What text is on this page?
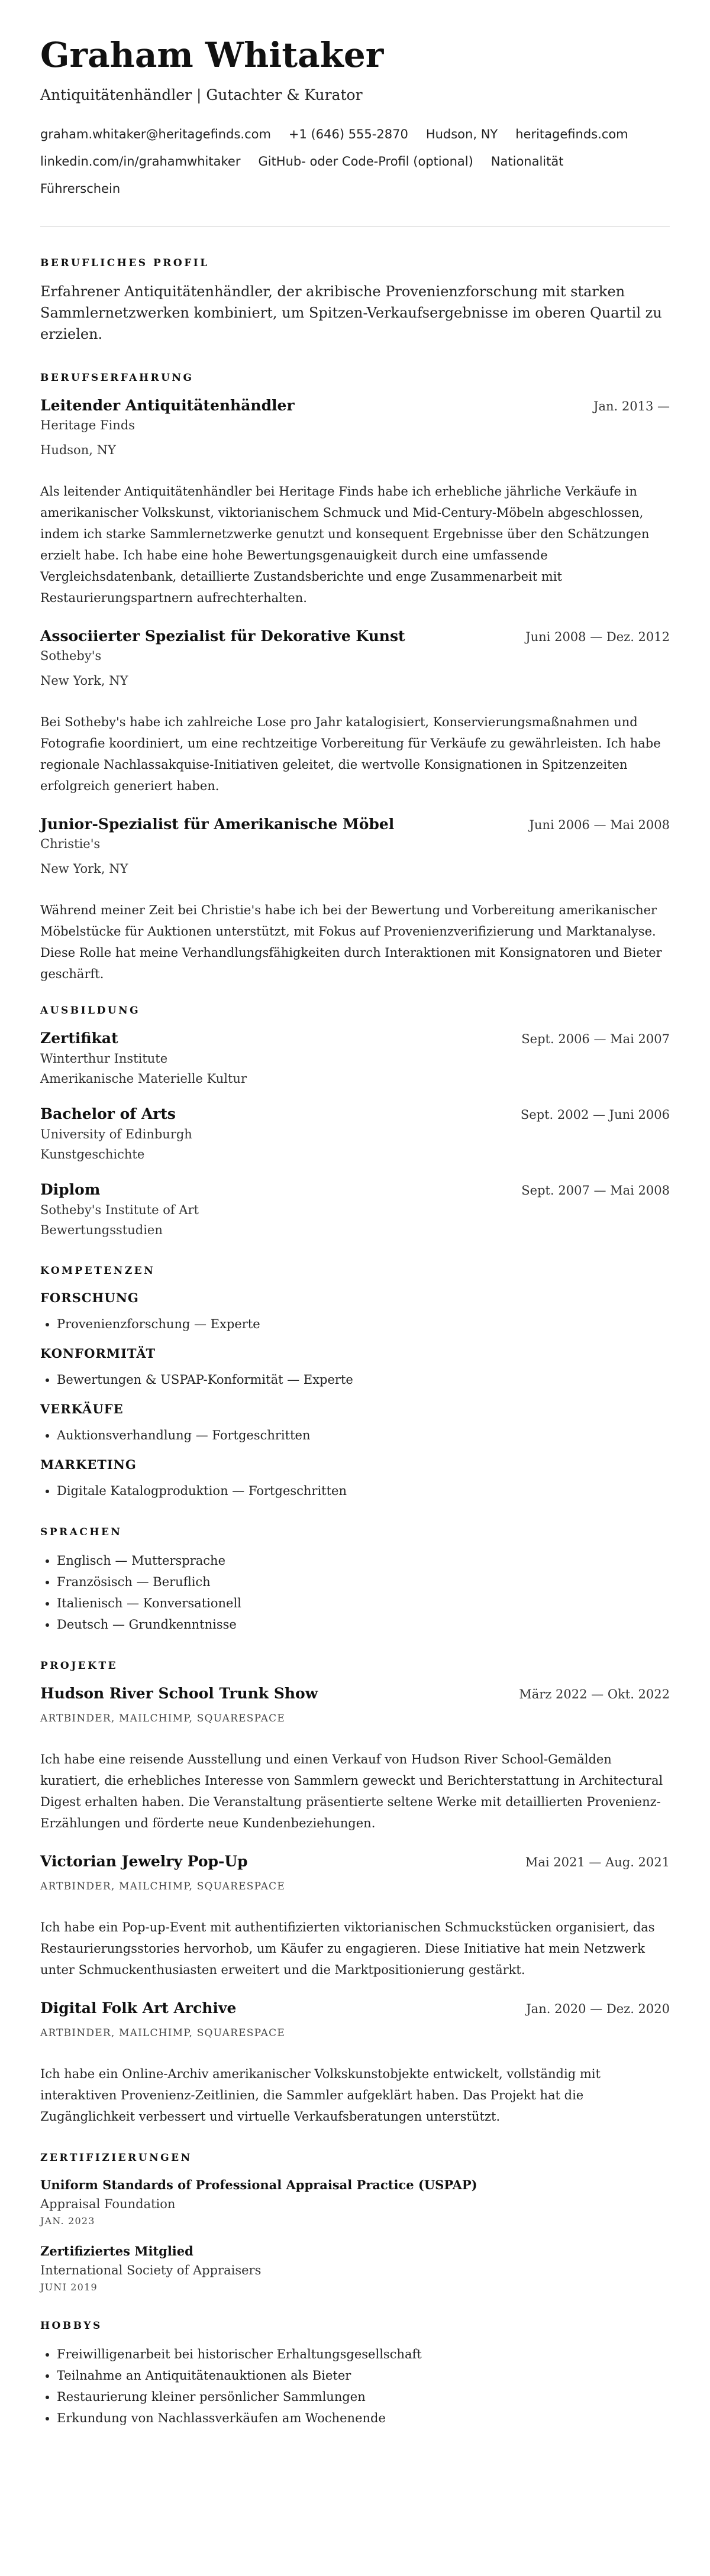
Graham Whitaker
Antiquitätenhändler | Gutachter & Kurator
graham.whitaker@heritagefinds.com +1 (646) 555-2870 Hudson, NY heritagefinds.com
linkedin.com/in/grahamwhitaker GitHub- oder Code-Profil (optional) Nationalität
Führerschein
BERUFLICHES PROFIL
Erfahrener Antiquitätenhändler, der akribische Provenienzforschung mit starken Sammlernetzwerken kombiniert, um Spitzen-Verkaufsergebnisse im oberen Quartil zu erzielen.
BERUFSERFAHRUNG
Leitender Antiquitätenhändler	Jan. 2013 —
Heritage Finds
Hudson, NY
Als leitender Antiquitätenhändler bei Heritage Finds habe ich erhebliche jährliche Verkäufe in amerikanischer Volkskunst, viktorianischem Schmuck und Mid-Century-Möbeln abgeschlossen, indem ich starke Sammlernetzwerke genutzt und konsequent Ergebnisse über den Schätzungen erzielt habe. Ich habe eine hohe Bewertungsgenauigkeit durch eine umfassende Vergleichsdatenbank, detaillierte Zustandsberichte und enge Zusammenarbeit mit Restaurierungspartnern aufrechterhalten.
Associierter Spezialist für Dekorative Kunst	Juni 2008 — Dez. 2012
Sotheby's
New York, NY
Bei Sotheby's habe ich zahlreiche Lose pro Jahr katalogisiert, Konservierungsmaßnahmen und Fotografie koordiniert, um eine rechtzeitige Vorbereitung für Verkäufe zu gewährleisten. Ich habe regionale Nachlassakquise-Initiativen geleitet, die wertvolle Konsignationen in Spitzenzeiten erfolgreich generiert haben.
Junior-Spezialist für Amerikanische Möbel	Juni 2006 — Mai 2008
Christie's
New York, NY
Während meiner Zeit bei Christie's habe ich bei der Bewertung und Vorbereitung amerikanischer Möbelstücke für Auktionen unterstützt, mit Fokus auf Provenienzverifizierung und Marktanalyse. Diese Rolle hat meine Verhandlungsfähigkeiten durch Interaktionen mit Konsignatoren und Bieter geschärft.
AUSBILDUNG
Zertifikat	Sept. 2006 — Mai 2007
Winterthur Institute
Amerikanische Materielle Kultur
Bachelor of Arts	Sept. 2002 — Juni 2006
University of Edinburgh
Kunstgeschichte
Diplom	Sept. 2007 — Mai 2008
Sotheby's Institute of Art
Bewertungsstudien
KOMPETENZEN
FORSCHUNG
• Provenienzforschung — Experte
KONFORMITÄT
• Bewertungen & USPAP-Konformität — Experte
VERKÄUFE
• Auktionsverhandlung — Fortgeschritten
MARKETING
• Digitale Katalogproduktion — Fortgeschritten
SPRACHEN
• Englisch — Muttersprache
• Französisch — Beruflich
• Italienisch — Konversationell
• Deutsch — Grundkenntnisse
PROJEKTE
Hudson River School Trunk Show	März 2022 — Okt. 2022
ARTBINDER, MAILCHIMP, SQUARESPACE
Ich habe eine reisende Ausstellung und einen Verkauf von Hudson River School-Gemälden kuratiert, die erhebliches Interesse von Sammlern geweckt und Berichterstattung in Architectural Digest erhalten haben. Die Veranstaltung präsentierte seltene Werke mit detaillierten Provenienz-Erzählungen und förderte neue Kundenbeziehungen.
Victorian Jewelry Pop-Up	Mai 2021 — Aug. 2021
ARTBINDER, MAILCHIMP, SQUARESPACE
Ich habe ein Pop-up-Event mit authentifizierten viktorianischen Schmuckstücken organisiert, das Restaurierungsstories hervorhob, um Käufer zu engagieren. Diese Initiative hat mein Netzwerk unter Schmuckenthusiasten erweitert und die Marktpositionierung gestärkt.
Digital Folk Art Archive	Jan. 2020 — Dez. 2020
ARTBINDER, MAILCHIMP, SQUARESPACE
Ich habe ein Online-Archiv amerikanischer Volkskunstobjekte entwickelt, vollständig mit interaktiven Provenienz-Zeitlinien, die Sammler aufgeklärt haben. Das Projekt hat die Zugänglichkeit verbessert und virtuelle Verkaufsberatungen unterstützt.
ZERTIFIZIERUNGEN
Uniform Standards of Professional Appraisal Practice (USPAP)
Appraisal Foundation
JAN. 2023
Zertifiziertes Mitglied
International Society of Appraisers
JUNI 2019
HOBBYS
• Freiwilligenarbeit bei historischer Erhaltungsgesellschaft
• Teilnahme an Antiquitätenauktionen als Bieter
• Restaurierung kleiner persönlicher Sammlungen
• Erkundung von Nachlassverkäufen am Wochenende
